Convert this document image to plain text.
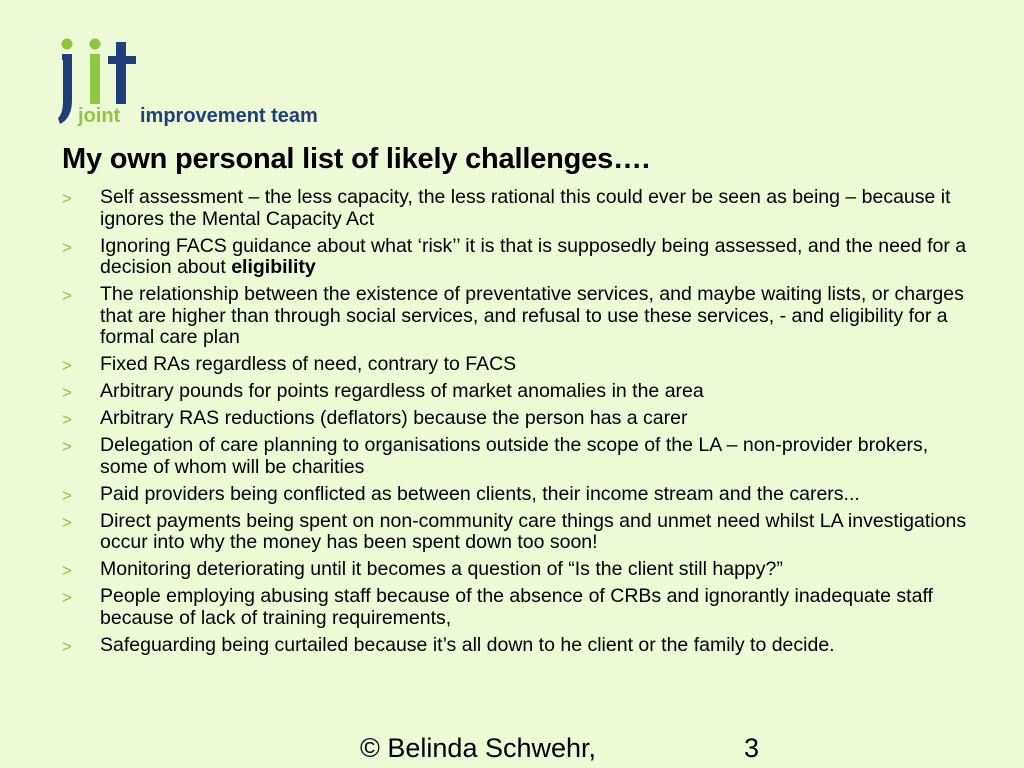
joint improvement team
My own personal list of likely challenges….
> Self assessment – the less capacity, the less rational this could ever be seen as being – because it ignores the Mental Capacity Act
> Ignoring FACS guidance about what ‘risk’’ it is that is supposedly being assessed, and the need for a decision about eligibility
> The relationship between the existence of preventative services, and maybe waiting lists, or charges that are higher than through social services, and refusal to use these services, - and eligibility for a formal care plan
> Fixed RAs regardless of need, contrary to FACS
> Arbitrary pounds for points regardless of market anomalies in the area
> Arbitrary RAS reductions (deflators) because the person has a carer
> Delegation of care planning to organisations outside the scope of the LA – non-provider brokers, some of whom will be charities
> Paid providers being conflicted as between clients, their income stream and the carers...
> Direct payments being spent on non-community care things and unmet need whilst LA investigations occur into why the money has been spent down too soon!
> Monitoring deteriorating until it becomes a question of “Is the client still happy?”
> People employing abusing staff because of the absence of CRBs and ignorantly inadequate staff because of lack of training requirements,
> Safeguarding being curtailed because it’s all down to he client or the family to decide.
© Belinda Schwehr,	3
